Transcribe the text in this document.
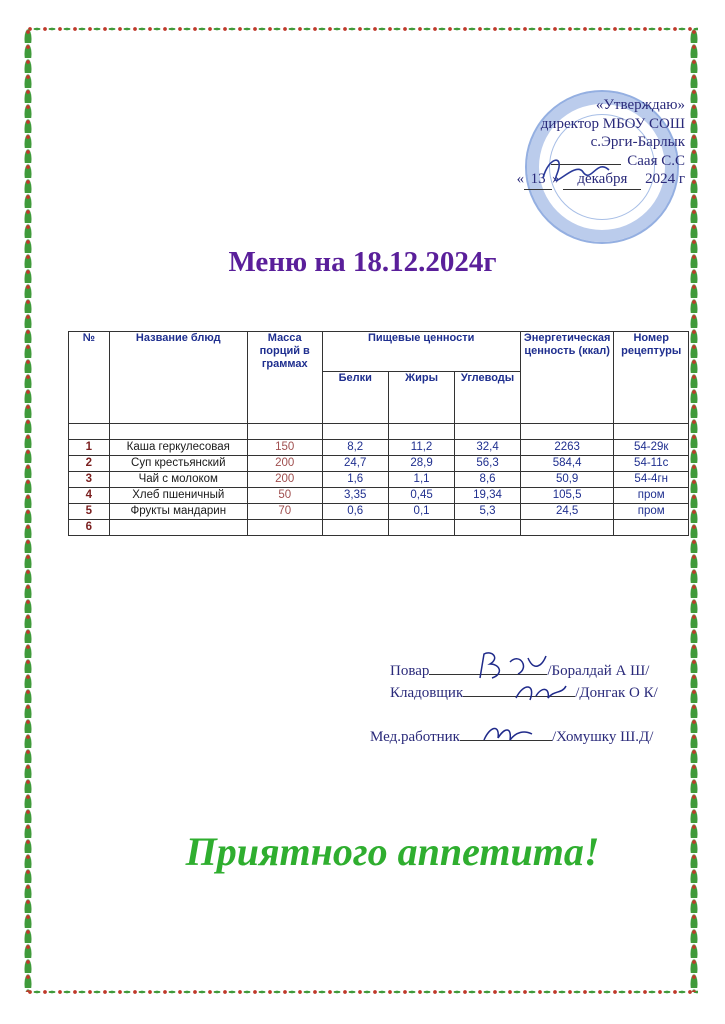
«Утверждаю»
директор МБОУ СОШ
с.Эрги-Барлык
Саая С.С
« 13 » декабря 2024 г
Меню на 18.12.2024г
№	Название блюд	Масса порций в граммах	Пищевые ценности			Энергетическая ценность (ккал)	Номер рецептуры
			Белки	Жиры	Углеводы		

1	Каша геркулесовая	150	8,2	11,2	32,4	2263	54-29к
2	Суп крестьянский	200	24,7	28,9	56,3	584,4	54-11с
3	Чай с молоком	200	1,6	1,1	8,6	50,9	54-4гн
4	Хлеб пшеничный	50	3,35	0,45	19,34	105,5	пром
5	Фрукты мандарин	70	0,6	0,1	5,3	24,5	пром
6							
Повар	/Боралдай А Ш/
Кладовщик	/Донгак О К/
Мед.работник	/Хомушку Ш.Д/
Приятного аппетита!
